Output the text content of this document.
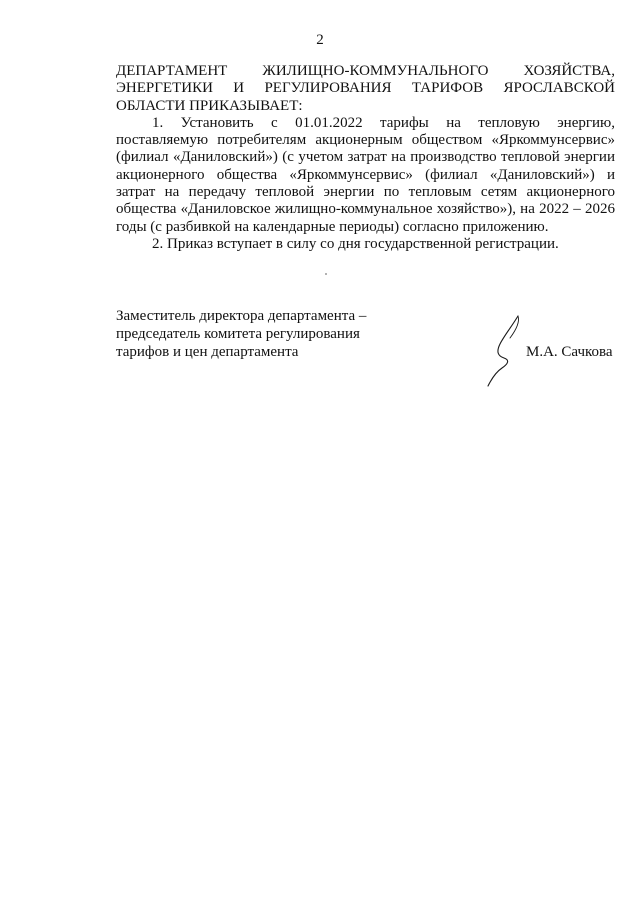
2

ДЕПАРТАМЕНТ ЖИЛИЩНО-КОММУНАЛЬНОГО ХОЗЯЙСТВА, ЭНЕРГЕТИКИ И РЕГУЛИРОВАНИЯ ТАРИФОВ ЯРОСЛАВСКОЙ ОБЛАСТИ ПРИКАЗЫВАЕТ:

1. Установить с 01.01.2022 тарифы на тепловую энергию, поставляемую потребителям акционерным обществом «Яркоммунсервис» (филиал «Даниловский») (с учетом затрат на производство тепловой энергии акционерного общества «Яркоммунсервис» (филиал «Даниловский») и затрат на передачу тепловой энергии по тепловым сетям акционерного общества «Даниловское жилищно-коммунальное хозяйство»), на 2022 – 2026 годы (с разбивкой на календарные периоды) согласно приложению.

2. Приказ вступает в силу со дня государственной регистрации.

Заместитель директора департамента –
председатель комитета регулирования
тарифов и цен департамента	М.А. Сачкова
